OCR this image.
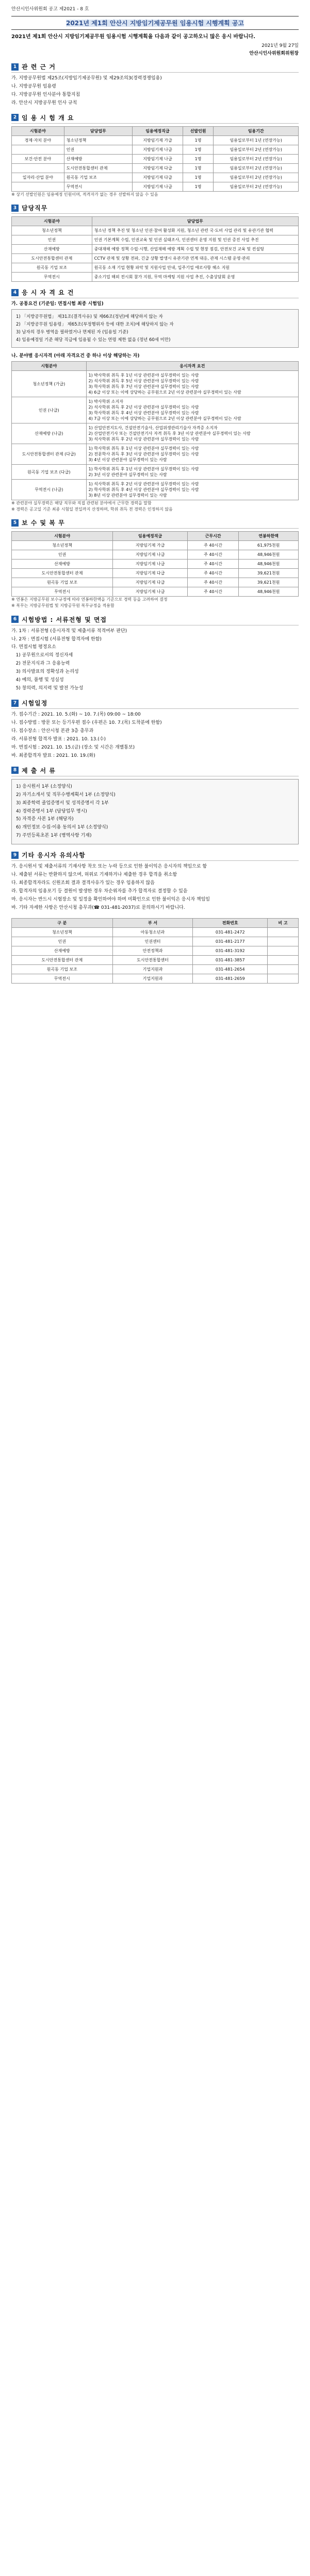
안산시인사위원회 공고 제2021 - 8 호
2021년 제1회 안산시 지방임기제공무원 임용시험 시행계획 공고
2021년 제1회 안산시 지방임기제공무원 임용시험 시행계획을 다음과 같이 공고하오니 많은 응시 바랍니다.
2021년 9월 27일
안산시인사위원회위원장
1 관 련 근 거
가. 지방공무원법 제25조(지방임기제공무원) 및 제29조의3(경력경쟁임용)
나. 지방공무원 임용령
다. 지방공무원 인사분야 통합지침
라. 안산시 지방공무원 인사 규칙
2 임 용 시 험 개 요
시험분야	담당업무	임용예정직급	선발인원	임용기간
경제·자치 분야	청소년정책	지방임기제 가급	1명	임용일로부터 1년 (연장가능)
	인권	지방임기제 나급	1명	임용일로부터 2년 (연장가능)
보건·안전 분야	산재예방	지방임기제 나급	1명	임용일로부터 2년 (연장가능)
	도시안전통합센터 관제	지방임기제 다급	1명	임용일로부터 2년 (연장가능)
일자리·산업 분야	원곡동 기업 보조	지방임기제 다급	1명	임용일로부터 2년 (연장가능)
	무역전시	지방임기제 나급	1명	임용일로부터 2년 (연장가능)
※ 상기 선발인원은 임용예정 인원이며, 적격자가 없는 경우 선발하지 않을 수 있음
3 담당직무
시험분야	담당업무
청소년정책	청소년 정책 추진 및 청소년 인권·참여 활성화 지원, 청소년 관련 국·도비 사업 관리 및 유관기관 협력
인권	인권 기본계획 수립, 인권교육 및 인권 실태조사, 인권센터 운영 지원 및 인권 증진 사업 추진
산재예방	중대재해 예방 정책 수립·시행, 산업재해 예방 계획 수립 및 현장 점검, 안전보건 교육 및 컨설팅
도시안전통합센터 관제	CCTV 관제 및 상황 전파, 긴급 상황 발생시 유관기관 연계 대응, 관제 시스템 운영·관리
원곡동 기업 보조	원곡동 소재 기업 현황 파악 및 지원사업 안내, 입주기업 애로사항 해소 지원
무역전시	중소기업 해외 전시회 참가 지원, 무역 마케팅 지원 사업 추진, 수출상담회 운영
4 응 시 자 격 요 건
가. 공통요건 (기준일: 면접시험 최종 시험일)
1) 「지방공무원법」 제31조(결격사유) 및 제66조(정년)에 해당하지 않는 자
2) 「지방공무원 임용령」 제65조(부정행위자 등에 대한 조치)에 해당하지 않는 자
3) 남자의 경우 병역을 필하였거나 면제된 자 (임용일 기준)
4) 임용예정일 기준 해당 직급에 임용될 수 있는 연령 제한 없음 (정년 60세 미만)
나. 분야별 응시자격 (아래 자격요건 중 하나 이상 해당하는 자)
시험분야	응시자격 요건
청소년정책 (가급)	1) 박사학위 취득 후 1년 이상 관련분야 실무경력이 있는 사람
2) 석사학위 취득 후 5년 이상 관련분야 실무경력이 있는 사람
3) 학사학위 취득 후 7년 이상 관련분야 실무경력이 있는 사람
4) 6급 이상 또는 이에 상당하는 공무원으로 2년 이상 관련분야 실무경력이 있는 사람
인권 (나급)	1) 박사학위 소지자
2) 석사학위 취득 후 2년 이상 관련분야 실무경력이 있는 사람
3) 학사학위 취득 후 4년 이상 관련분야 실무경력이 있는 사람
4) 7급 이상 또는 이에 상당하는 공무원으로 2년 이상 관련분야 실무경력이 있는 사람
산재예방 (나급)	1) 산업안전지도사, 건설안전기술사, 산업위생관리기술사 자격증 소지자
2) 산업안전기사 또는 건설안전기사 자격 취득 후 3년 이상 관련분야 실무경력이 있는 사람
3) 석사학위 취득 후 2년 이상 관련분야 실무경력이 있는 사람
도시안전통합센터 관제 (다급)	1) 학사학위 취득 후 1년 이상 관련분야 실무경력이 있는 사람
2) 전문학사 취득 후 3년 이상 관련분야 실무경력이 있는 사람
3) 4년 이상 관련분야 실무경력이 있는 사람
원곡동 기업 보조 (다급)	1) 학사학위 취득 후 1년 이상 관련분야 실무경력이 있는 사람
2) 3년 이상 관련분야 실무경력이 있는 사람
무역전시 (나급)	1) 석사학위 취득 후 2년 이상 관련분야 실무경력이 있는 사람
2) 학사학위 취득 후 4년 이상 관련분야 실무경력이 있는 사람
3) 8년 이상 관련분야 실무경력이 있는 사람
※ 관련분야 실무경력은 해당 직무와 직접 관련된 분야에서 근무한 경력을 말함
※ 경력은 공고일 기준 최종 시험일 전일까지 산정하며, 학위 취득 전 경력은 인정하지 않음
5 보 수 및 복 무
시험분야	임용예정직급	근무시간	연봉하한액
청소년정책	지방임기제 가급	주 40시간	61,975천원
인권	지방임기제 나급	주 40시간	48,946천원
산재예방	지방임기제 나급	주 40시간	48,946천원
도시안전통합센터 관제	지방임기제 다급	주 40시간	39,621천원
원곡동 기업 보조	지방임기제 다급	주 40시간	39,621천원
무역전시	지방임기제 나급	주 40시간	48,946천원
※ 연봉은 지방공무원 보수규정에 따라 연봉하한액을 기준으로 경력 등을 고려하여 결정
※ 복무는 지방공무원법 및 지방공무원 복무규정을 적용함
6 시험방법 : 서류전형 및 면접
가. 1차 : 서류전형 (응시자격 및 제출서류 적격여부 판단)
나. 2차 : 면접시험 (서류전형 합격자에 한함)
다. 면접시험 평정요소
1) 공무원으로서의 정신자세
2) 전문지식과 그 응용능력
3) 의사발표의 정확성과 논리성
4) 예의, 품행 및 성실성
5) 창의력, 의지력 및 발전 가능성
7 시험일정
가. 접수기간 : 2021. 10. 5.(화) ~ 10. 7.(목) 09:00 ~ 18:00
나. 접수방법 : 방문 또는 등기우편 접수 (우편은 10. 7.(목) 도착분에 한함)
다. 접수장소 : 안산시청 본관 3층 총무과
라. 서류전형 합격자 발표 : 2021. 10. 13.(수)
마. 면접시험 : 2021. 10. 15.(금) (장소 및 시간은 개별통보)
바. 최종합격자 발표 : 2021. 10. 19.(화)
8 제 출 서 류
1) 응시원서 1부 (소정양식)
2) 자기소개서 및 직무수행계획서 1부 (소정양식)
3) 최종학력 졸업증명서 및 성적증명서 각 1부
4) 경력증명서 1부 (담당업무 명시)
5) 자격증 사본 1부 (해당자)
6) 개인정보 수집·이용 동의서 1부 (소정양식)
7) 주민등록초본 1부 (병역사항 기재)
9 기타 응시자 유의사항
가. 응시원서 및 제출서류의 기재사항 착오 또는 누락 등으로 인한 불이익은 응시자의 책임으로 함
나. 제출된 서류는 반환하지 않으며, 허위로 기재하거나 제출한 경우 합격을 취소함
다. 최종합격자라도 신원조회 결과 결격사유가 있는 경우 임용하지 않음
라. 합격자의 임용포기 등 결원이 발생한 경우 차순위자를 추가 합격자로 결정할 수 있음
마. 응시자는 반드시 시험장소 및 일정을 확인하여야 하며 미확인으로 인한 불이익은 응시자 책임임
바. 기타 자세한 사항은 안산시청 총무과(☎ 031-481-2037)로 문의하시기 바랍니다.
구 분	부 서	전화번호	비 고
청소년정책	아동청소년과	031-481-2472	
인권	인권센터	031-481-2177	
산재예방	안전정책과	031-481-3192	
도시안전통합센터 관제	도시안전통합센터	031-481-3857	
원곡동 기업 보조	기업지원과	031-481-2654	
무역전시	기업지원과	031-481-2659	
